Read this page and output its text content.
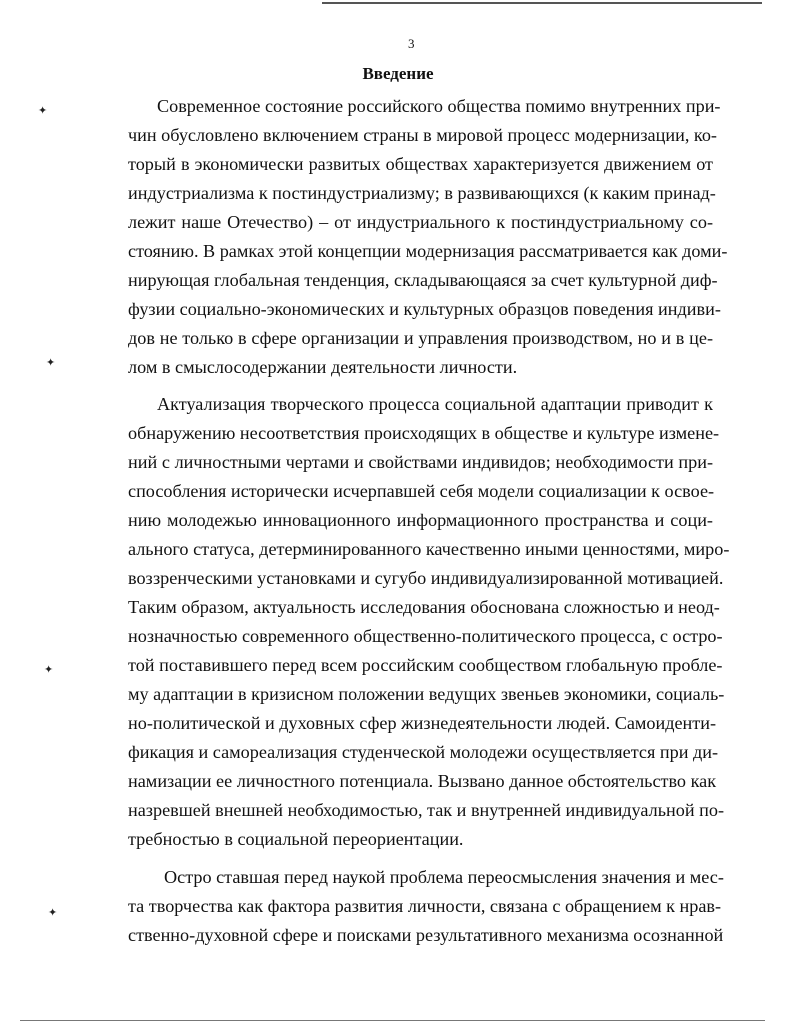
3
Введение
Современное состояние российского общества помимо внутренних при-
чин обусловлено включением страны в мировой процесс модернизации, ко-
торый в экономически развитых обществах характеризуется движением от
индустриализма к постиндустриализму; в развивающихся (к каким принад-
лежит наше Отечество) – от индустриального к постиндустриальному со-
стоянию. В рамках этой концепции модернизация рассматривается как доми-
нирующая глобальная тенденция, складывающаяся за счет культурной диф-
фузии социально-экономических и культурных образцов поведения индиви-
дов не только в сфере организации и управления производством, но и в це-
лом в смыслосодержании деятельности личности.
Актуализация творческого процесса социальной адаптации приводит к
обнаружению несоответствия происходящих в обществе и культуре измене-
ний с личностными чертами и свойствами индивидов; необходимости при-
способления исторически исчерпавшей себя модели социализации к освое-
нию молодежью инновационного информационного пространства и соци-
ального статуса, детерминированного качественно иными ценностями, миро-
воззренческими установками и сугубо индивидуализированной мотивацией.
Таким образом, актуальность исследования обоснована сложностью и неод-
нозначностью современного общественно-политического процесса, с остро-
той поставившего перед всем российским сообществом глобальную пробле-
му адаптации в кризисном положении ведущих звеньев экономики, социаль-
но-политической и духовных сфер жизнедеятельности людей. Самоиденти-
фикация и самореализация студенческой молодежи осуществляется при ди-
намизации ее личностного потенциала. Вызвано данное обстоятельство как
назревшей внешней необходимостью, так и внутренней индивидуальной по-
требностью в социальной переориентации.
Остро ставшая перед наукой проблема переосмысления значения и мес-
та творчества как фактора развития личности, связана с обращением к нрав-
ственно-духовной сфере и поисками результативного механизма осознанной
✦
✦
✦
✦
